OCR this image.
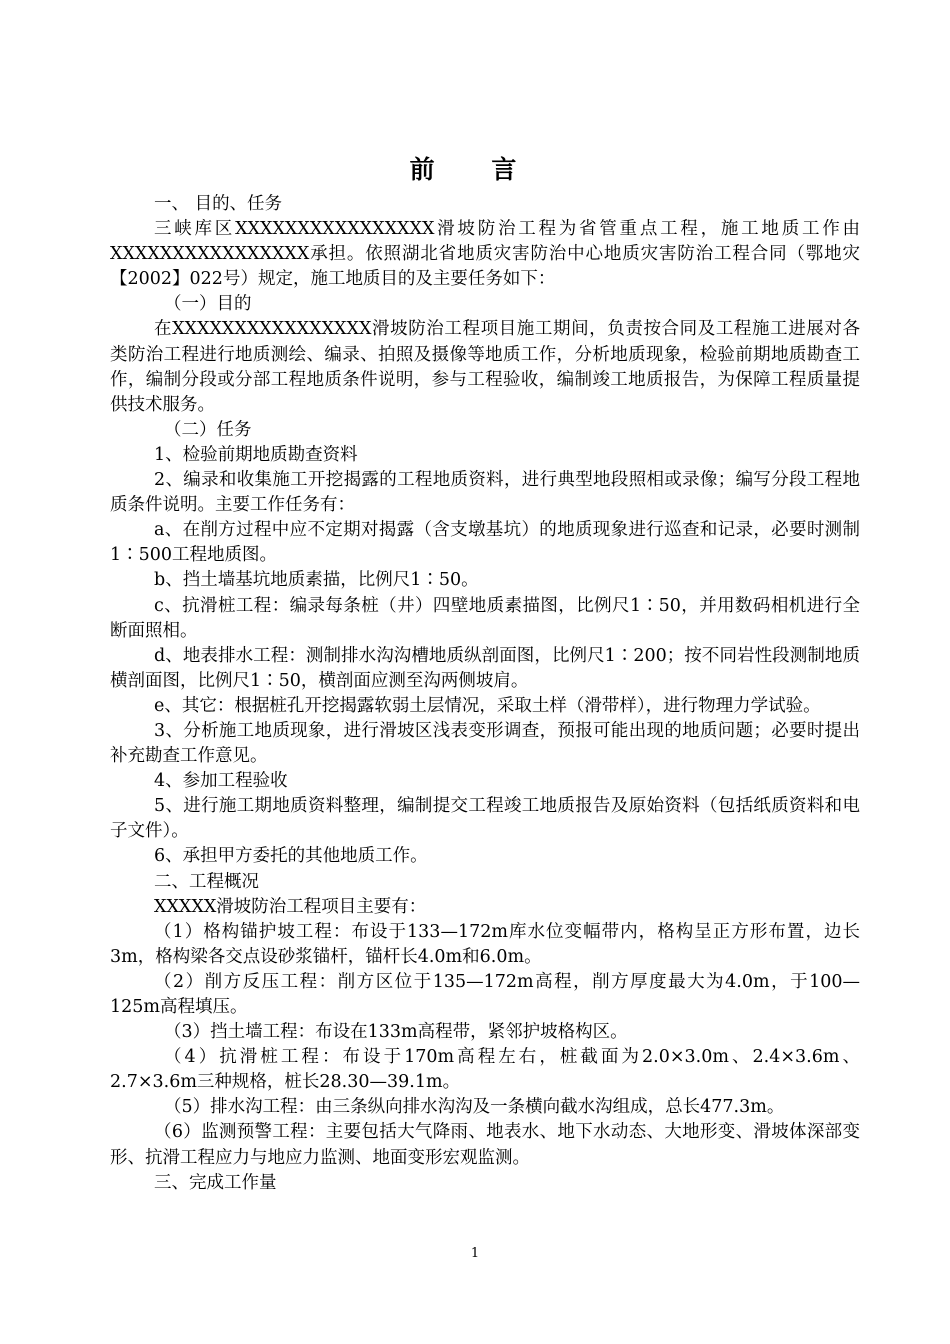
前 言

一、 目的、任务

三峡库区XXXXXXXXXXXXXXXX滑坡防治工程为省管重点工程，施工地质工作由XXXXXXXXXXXXXXXX承担。依照湖北省地质灾害防治中心地质灾害防治工程合同（鄂地灾【2002】022号）规定，施工地质目的及主要任务如下：

（一）目的

在XXXXXXXXXXXXXXXX滑坡防治工程项目施工期间，负责按合同及工程施工进展对各类防治工程进行地质测绘、编录、拍照及摄像等地质工作，分析地质现象，检验前期地质勘查工作，编制分段或分部工程地质条件说明，参与工程验收，编制竣工地质报告，为保障工程质量提供技术服务。

（二）任务

1、检验前期地质勘查资料

2、编录和收集施工开挖揭露的工程地质资料，进行典型地段照相或录像；编写分段工程地质条件说明。主要工作任务有：

a、在削方过程中应不定期对揭露（含支墩基坑）的地质现象进行巡查和记录，必要时测制1∶500工程地质图。

b、挡土墙基坑地质素描，比例尺1∶50。

c、抗滑桩工程：编录每条桩（井）四壁地质素描图，比例尺1∶50，并用数码相机进行全断面照相。

d、地表排水工程：测制排水沟沟槽地质纵剖面图，比例尺1∶200；按不同岩性段测制地质横剖面图，比例尺1∶50，横剖面应测至沟两侧坡肩。

e、其它：根据桩孔开挖揭露软弱土层情况，采取土样（滑带样），进行物理力学试验。

3、分析施工地质现象，进行滑坡区浅表变形调查，预报可能出现的地质问题；必要时提出补充勘查工作意见。

4、参加工程验收

5、进行施工期地质资料整理，编制提交工程竣工地质报告及原始资料（包括纸质资料和电子文件）。

6、承担甲方委托的其他地质工作。

二、工程概况

XXXXX滑坡防治工程项目主要有：

（1）格构锚护坡工程：布设于133—172m库水位变幅带内，格构呈正方形布置，边长3m，格构梁各交点设砂浆锚杆，锚杆长4.0m和6.0m。

（2）削方反压工程：削方区位于135—172m高程，削方厚度最大为4.0m，于100—125m高程填压。

（3）挡土墙工程：布设在133m高程带，紧邻护坡格构区。

（4）抗滑桩工程：布设于170m高程左右，桩截面为2.0×3.0m、2.4×3.6m、2.7×3.6m三种规格，桩长28.30—39.1m。

（5）排水沟工程：由三条纵向排水沟沟及一条横向截水沟组成，总长477.3m。

（6）监测预警工程：主要包括大气降雨、地表水、地下水动态、大地形变、滑坡体深部变形、抗滑工程应力与地应力监测、地面变形宏观监测。

三、完成工作量

1
